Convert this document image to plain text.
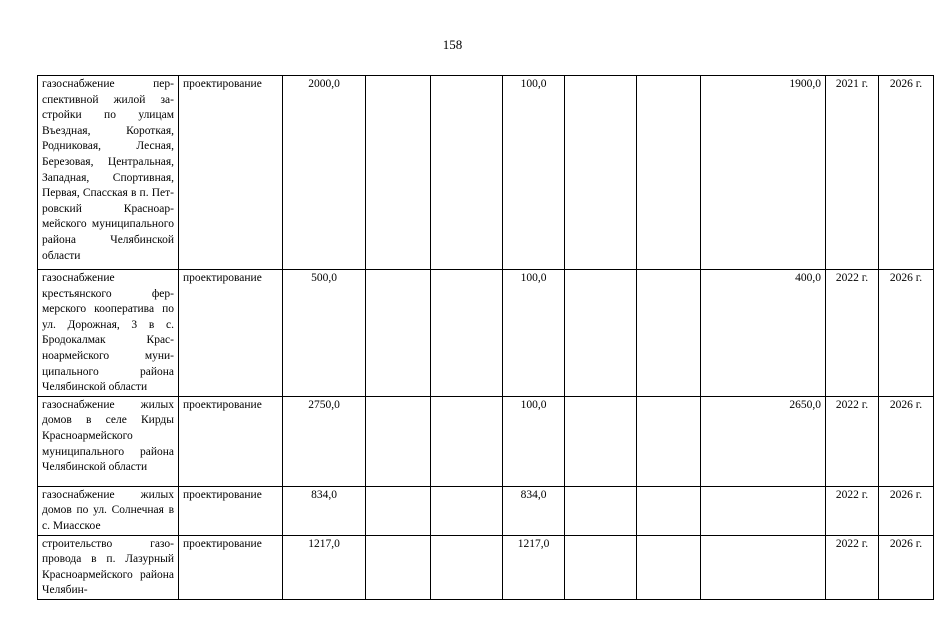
158
газоснабжение перспективной жилой застройки по улицам Въездная, Короткая, Родниковая, Лесная, Березовая, Центральная, Западная, Спортивная, Первая, Спасская в п. Петровский Красноармейского муниципального района Челябинской области	проектирование	2000,0			100,0			1900,0	2021 г.	2026 г.
газоснабжение крестьянского фермерского кооператива по ул. Дорожная, 3 в с. Бродокалмак Красноармейского муниципального района Челябинской области	проектирование	500,0			100,0			400,0	2022 г.	2026 г.
газоснабжение жилых домов в селе Кирды Красноармейского муниципального района Челябинской области	проектирование	2750,0			100,0			2650,0	2022 г.	2026 г.
газоснабжение жилых домов по ул. Солнечная в с. Миасское	проектирование	834,0			834,0				2022 г.	2026 г.
строительство газопровода в п. Лазурный Красноармейского района Челябин-	проектирование	1217,0			1217,0				2022 г.	2026 г.
